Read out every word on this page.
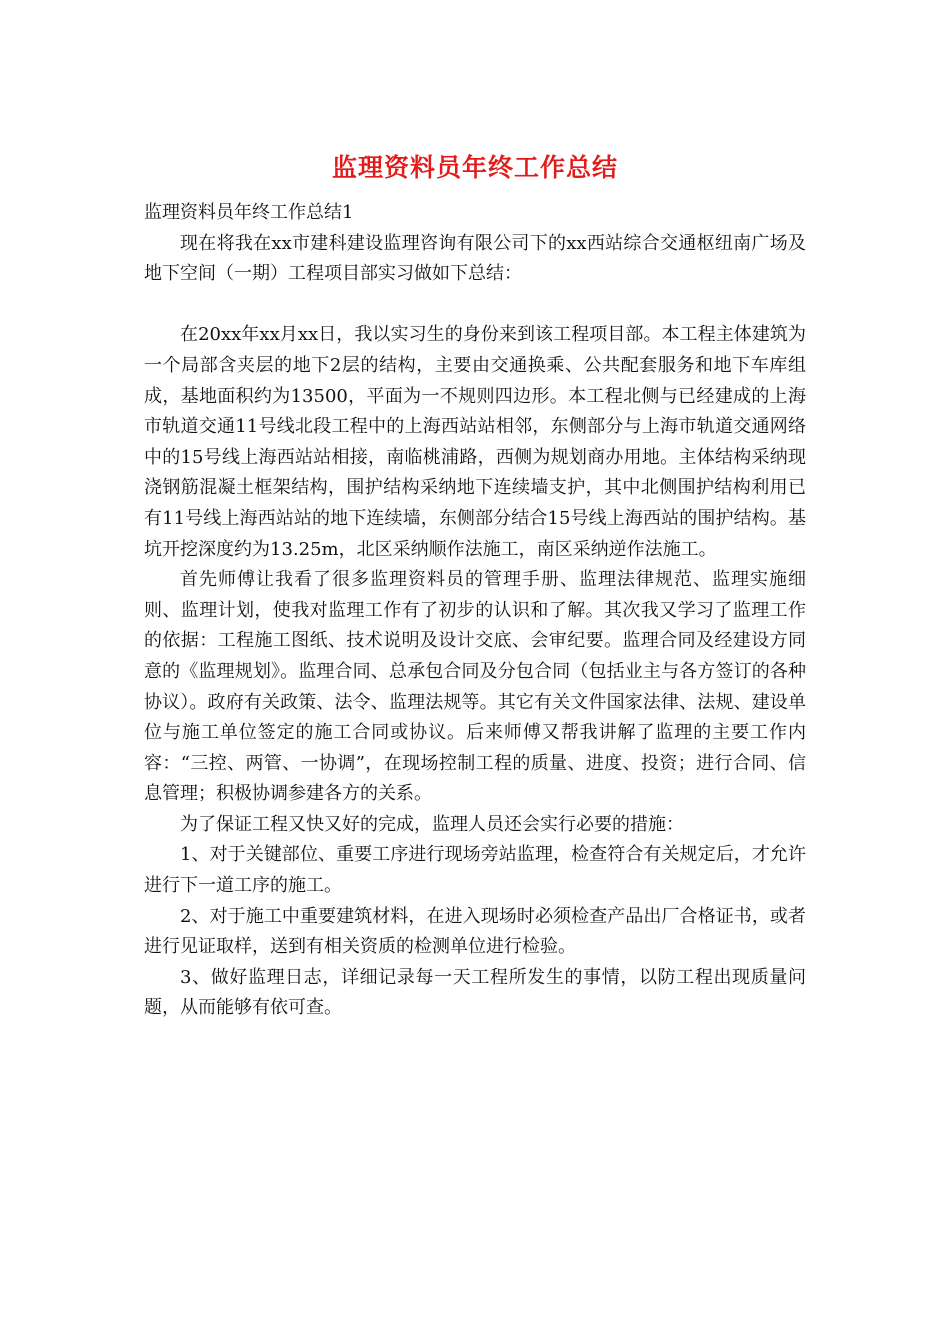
监理资料员年终工作总结

监理资料员年终工作总结1

现在将我在xx市建科建设监理咨询有限公司下的xx西站综合交通枢纽南广场及地下空间（一期）工程项目部实习做如下总结：

在20xx年xx月xx日，我以实习生的身份来到该工程项目部。本工程主体建筑为一个局部含夹层的地下2层的结构，主要由交通换乘、公共配套服务和地下车库组成，基地面积约为13500，平面为一不规则四边形。本工程北侧与已经建成的上海市轨道交通11号线北段工程中的上海西站站相邻，东侧部分与上海市轨道交通网络中的15号线上海西站站相接，南临桃浦路，西侧为规划商办用地。主体结构采纳现浇钢筋混凝土框架结构，围护结构采纳地下连续墙支护，其中北侧围护结构利用已有11号线上海西站站的地下连续墙，东侧部分结合15号线上海西站的围护结构。基坑开挖深度约为13.25m，北区采纳顺作法施工，南区采纳逆作法施工。

首先师傅让我看了很多监理资料员的管理手册、监理法律规范、监理实施细则、监理计划，使我对监理工作有了初步的认识和了解。其次我又学习了监理工作的依据：工程施工图纸、技术说明及设计交底、会审纪要。监理合同及经建设方同意的《监理规划》。监理合同、总承包合同及分包合同（包括业主与各方签订的各种协议）。政府有关政策、法令、监理法规等。其它有关文件国家法律、法规、建设单位与施工单位签定的施工合同或协议。后来师傅又帮我讲解了监理的主要工作内容：“三控、两管、一协调”，在现场控制工程的质量、进度、投资；进行合同、信息管理；积极协调参建各方的关系。

为了保证工程又快又好的完成，监理人员还会实行必要的措施：

1、对于关键部位、重要工序进行现场旁站监理，检查符合有关规定后，才允许进行下一道工序的施工。

2、对于施工中重要建筑材料，在进入现场时必须检查产品出厂合格证书，或者进行见证取样，送到有相关资质的检测单位进行检验。

3、做好监理日志，详细记录每一天工程所发生的事情，以防工程出现质量问题，从而能够有依可查。
